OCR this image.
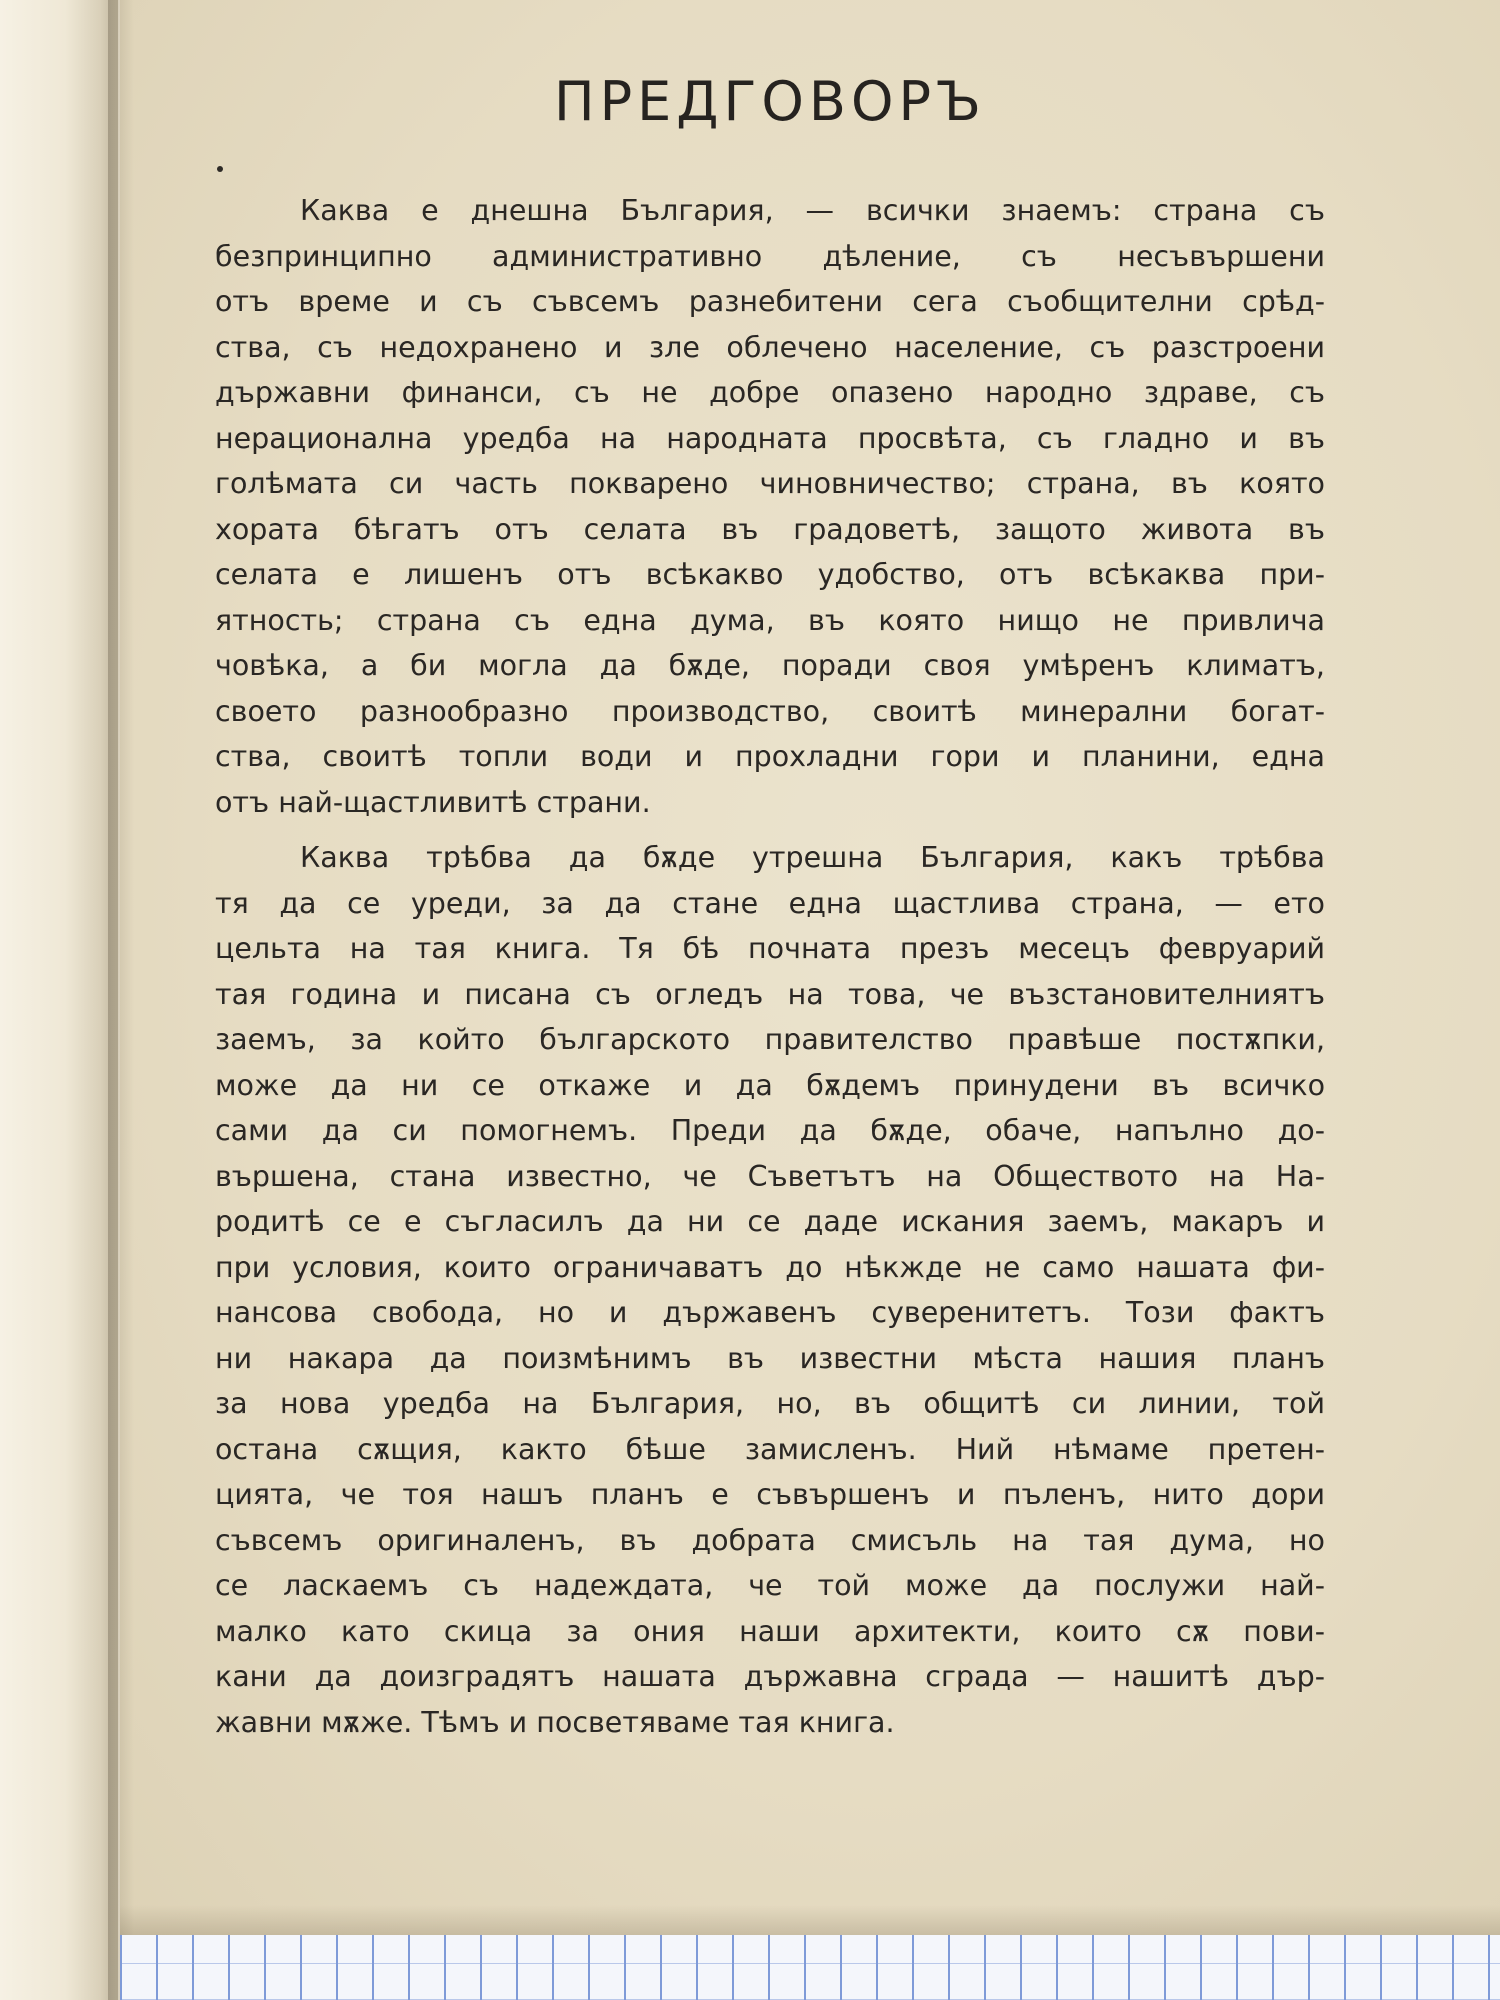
ПРЕДГОВОРЪ

Каква е днешна България, — всички знаемъ: страна съ
безпринципно административно дѣление, съ несъвършени
отъ време и съ съвсемъ разнебитени сега съобщителни срѣд-
ства, съ недохранено и зле облечено население, съ разстроени
държавни финанси, съ не добре опазено народно здраве, съ
нерационална уредба на народната просвѣта, съ гладно и въ
голѣмата си часть покварено чиновничество; страна, въ която
хората бѣгатъ отъ селата въ градоветѣ, защото живота въ
селата е лишенъ отъ всѣкакво удобство, отъ всѣкаква при-
ятность; страна съ една дума, въ която нищо не привлича
човѣка, а би могла да бѫде, поради своя умѣренъ климатъ,
своето разнообразно производство, своитѣ минерални богат-
ства, своитѣ топли води и прохладни гори и планини, една
отъ най-щастливитѣ страни.

Каква трѣбва да бѫде утрешна България, какъ трѣбва
тя да се уреди, за да стане една щастлива страна, — ето
цельта на тая книга. Тя бѣ почната презъ месецъ февруарий
тая година и писана съ огледъ на това, че възстановителниятъ
заемъ, за който българското правителство правѣше постѫпки,
може да ни се откаже и да бѫдемъ принудени въ всичко
сами да си помогнемъ. Преди да бѫде, обаче, напълно до-
вършена, стана известно, че Съветътъ на Обществото на На-
родитѣ се е съгласилъ да ни се даде искания заемъ, макаръ и
при условия, които ограничаватъ до нѣкжде не само нашата фи-
нансова свобода, но и държавенъ суверенитетъ. Този фактъ
ни накара да поизмѣнимъ въ известни мѣста нашия планъ
за нова уредба на България, но, въ общитѣ си линии, той
остана сѫщия, както бѣше замисленъ. Ний нѣмаме претен-
цията, че тоя нашъ планъ е съвършенъ и пъленъ, нито дори
съвсемъ оригиналенъ, въ добрата смисъль на тая дума, но
се ласкаемъ съ надеждата, че той може да послужи най-
малко като скица за ония наши архитекти, които сѫ пови-
кани да доизградятъ нашата държавна сграда — нашитѣ дър-
жавни мѫже. Тѣмъ и посветяваме тая книга.
